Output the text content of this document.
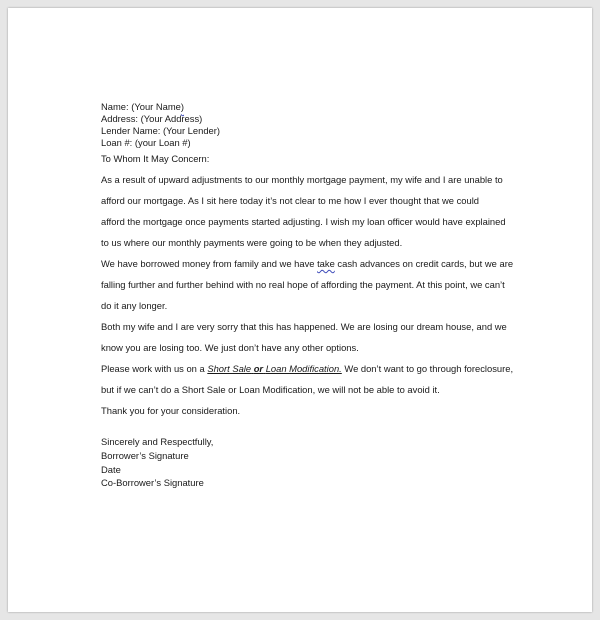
Name: (Your Name)
Address: (Your Address)
Lender Name: (Your Lender)
Loan #: (your Loan #)
To Whom It May Concern:

As a result of upward adjustments to our monthly mortgage payment, my wife and I are unable to

afford our mortgage. As I sit here today it’s not clear to me how I ever thought that we could

afford the mortgage once payments started adjusting. I wish my loan officer would have explained

to us where our monthly payments were going to be when they adjusted.

We have borrowed money from family and we have take cash advances on credit cards, but we are

falling further and further behind with no real hope of affording the payment. At this point, we can’t

do it any longer.

Both my wife and I are very sorry that this has happened. We are losing our dream house, and we

know you are losing too. We just don’t have any other options.

Please work with us on a Short Sale or Loan Modification. We don’t want to go through foreclosure,

but if we can’t do a Short Sale or Loan Modification, we will not be able to avoid it.

Thank you for your consideration.

Sincerely and Respectfully,
Borrower’s Signature
Date
Co-Borrower’s Signature
